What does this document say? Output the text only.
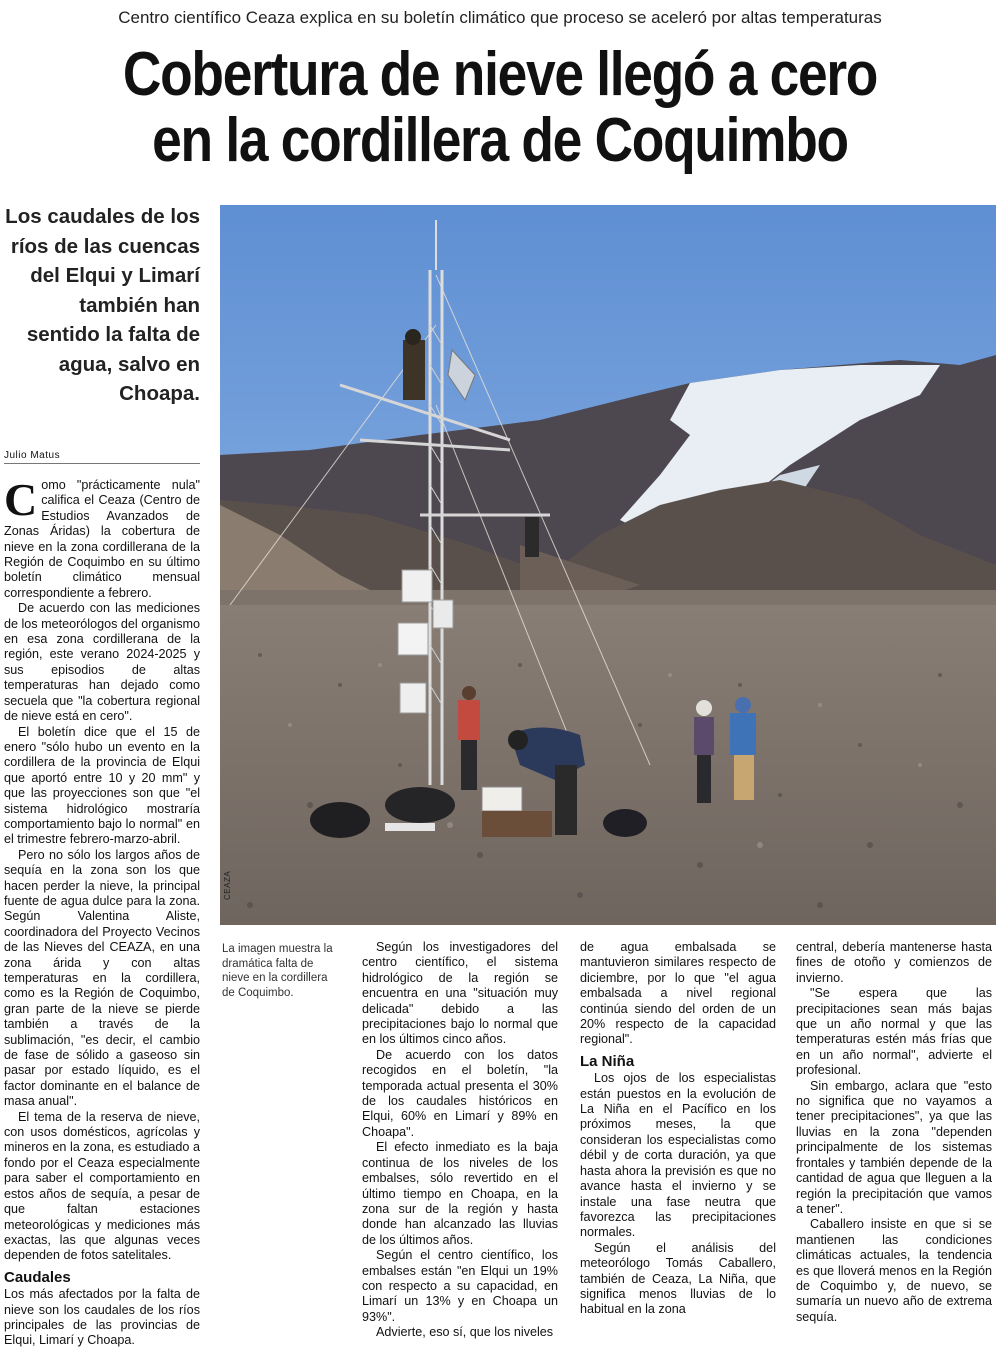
Centro científico Ceaza explica en su boletín climático que proceso se aceleró por altas temperaturas
Cobertura de nieve llegó a cero
en la cordillera de Coquimbo
Los caudales de los ríos de las cuencas del Elqui y Limarí también han sentido la falta de agua, salvo en Choapa.
Julio Matus

Como "prácticamente nula" califica el Ceaza (Centro de Estudios Avanzados de Zonas Áridas) la cobertura de nieve en la zona cordillerana de la Región de Coquimbo en su último boletín climático mensual correspondiente a febrero.

De acuerdo con las mediciones de los meteorólogos del organismo en esa zona cordillerana de la región, este verano 2024-2025 y sus episodios de altas temperaturas han dejado como secuela que "la cobertura regional de nieve está en cero".

El boletín dice que el 15 de enero "sólo hubo un evento en la cordillera de la provincia de Elqui que aportó entre 10 y 20 mm" y que las proyecciones son que "el sistema hidrológico mostraría comportamiento bajo lo normal" en el trimestre febrero-marzo-abril.

Pero no sólo los largos años de sequía en la zona son los que hacen perder la nieve, la principal fuente de agua dulce para la zona. Según Valentina Aliste, coordinadora del Proyecto Vecinos de las Nieves del CEAZA, en una zona árida y con altas temperaturas en la cordillera, como es la Región de Coquimbo, gran parte de la nieve se pierde también a través de la sublimación, "es decir, el cambio de fase de sólido a gaseoso sin pasar por estado líquido, es el factor dominante en el balance de masa anual".

El tema de la reserva de nieve, con usos domésticos, agrícolas y mineros en la zona, es estudiado a fondo por el Ceaza especialmente para saber el comportamiento en estos años de sequía, a pesar de que faltan estaciones meteorológicas y mediciones más exactas, las que algunas veces dependen de fotos satelitales.

Caudales

Los más afectados por la falta de nieve son los caudales de los ríos principales de las provincias de Elqui, Limarí y Choapa.

CEAZA
La imagen muestra la dramática falta de nieve en la cordillera de Coquimbo.

Según los investigadores del centro científico, el sistema hidrológico de la región se encuentra en una "situación muy delicada" debido a las precipitaciones bajo lo normal que en los últimos cinco años.

De acuerdo con los datos recogidos en el boletín, "la temporada actual presenta el 30% de los caudales históricos en Elqui, 60% en Limarí y 89% en Choapa".

El efecto inmediato es la baja continua de los niveles de los embalses, sólo revertido en el último tiempo en Choapa, en la zona sur de la región y hasta donde han alcanzado las lluvias de los últimos años.

Según el centro científico, los embalses están "en Elqui un 19% con respecto a su capacidad, en Limarí un 13% y en Choapa un 93%".

Advierte, eso sí, que los niveles

de agua embalsada se mantuvieron similares respecto de diciembre, por lo que "el agua embalsada a nivel regional continúa siendo del orden de un 20% respecto de la capacidad regional".

La Niña

Los ojos de los especialistas están puestos en la evolución de La Niña en el Pacífico en los próximos meses, la que consideran los especialistas como débil y de corta duración, ya que hasta ahora la previsión es que no avance hasta el invierno y se instale una fase neutra que favorezca las precipitaciones normales.

Según el análisis del meteorólogo Tomás Caballero, también de Ceaza, La Niña, que significa menos lluvias de lo habitual en la zona

central, debería mantenerse hasta fines de otoño y comienzos de invierno.

"Se espera que las precipitaciones sean más bajas que un año normal y que las temperaturas estén más frías que en un año normal", advierte el profesional.

Sin embargo, aclara que "esto no significa que no vayamos a tener precipitaciones", ya que las lluvias en la zona "dependen principalmente de los sistemas frontales y también depende de la cantidad de agua que lleguen a la región la precipitación que vamos a tener".

Caballero insiste en que si se mantienen las condiciones climáticas actuales, la tendencia es que lloverá menos en la Región de Coquimbo y, de nuevo, se sumaría un nuevo año de extrema sequía.
